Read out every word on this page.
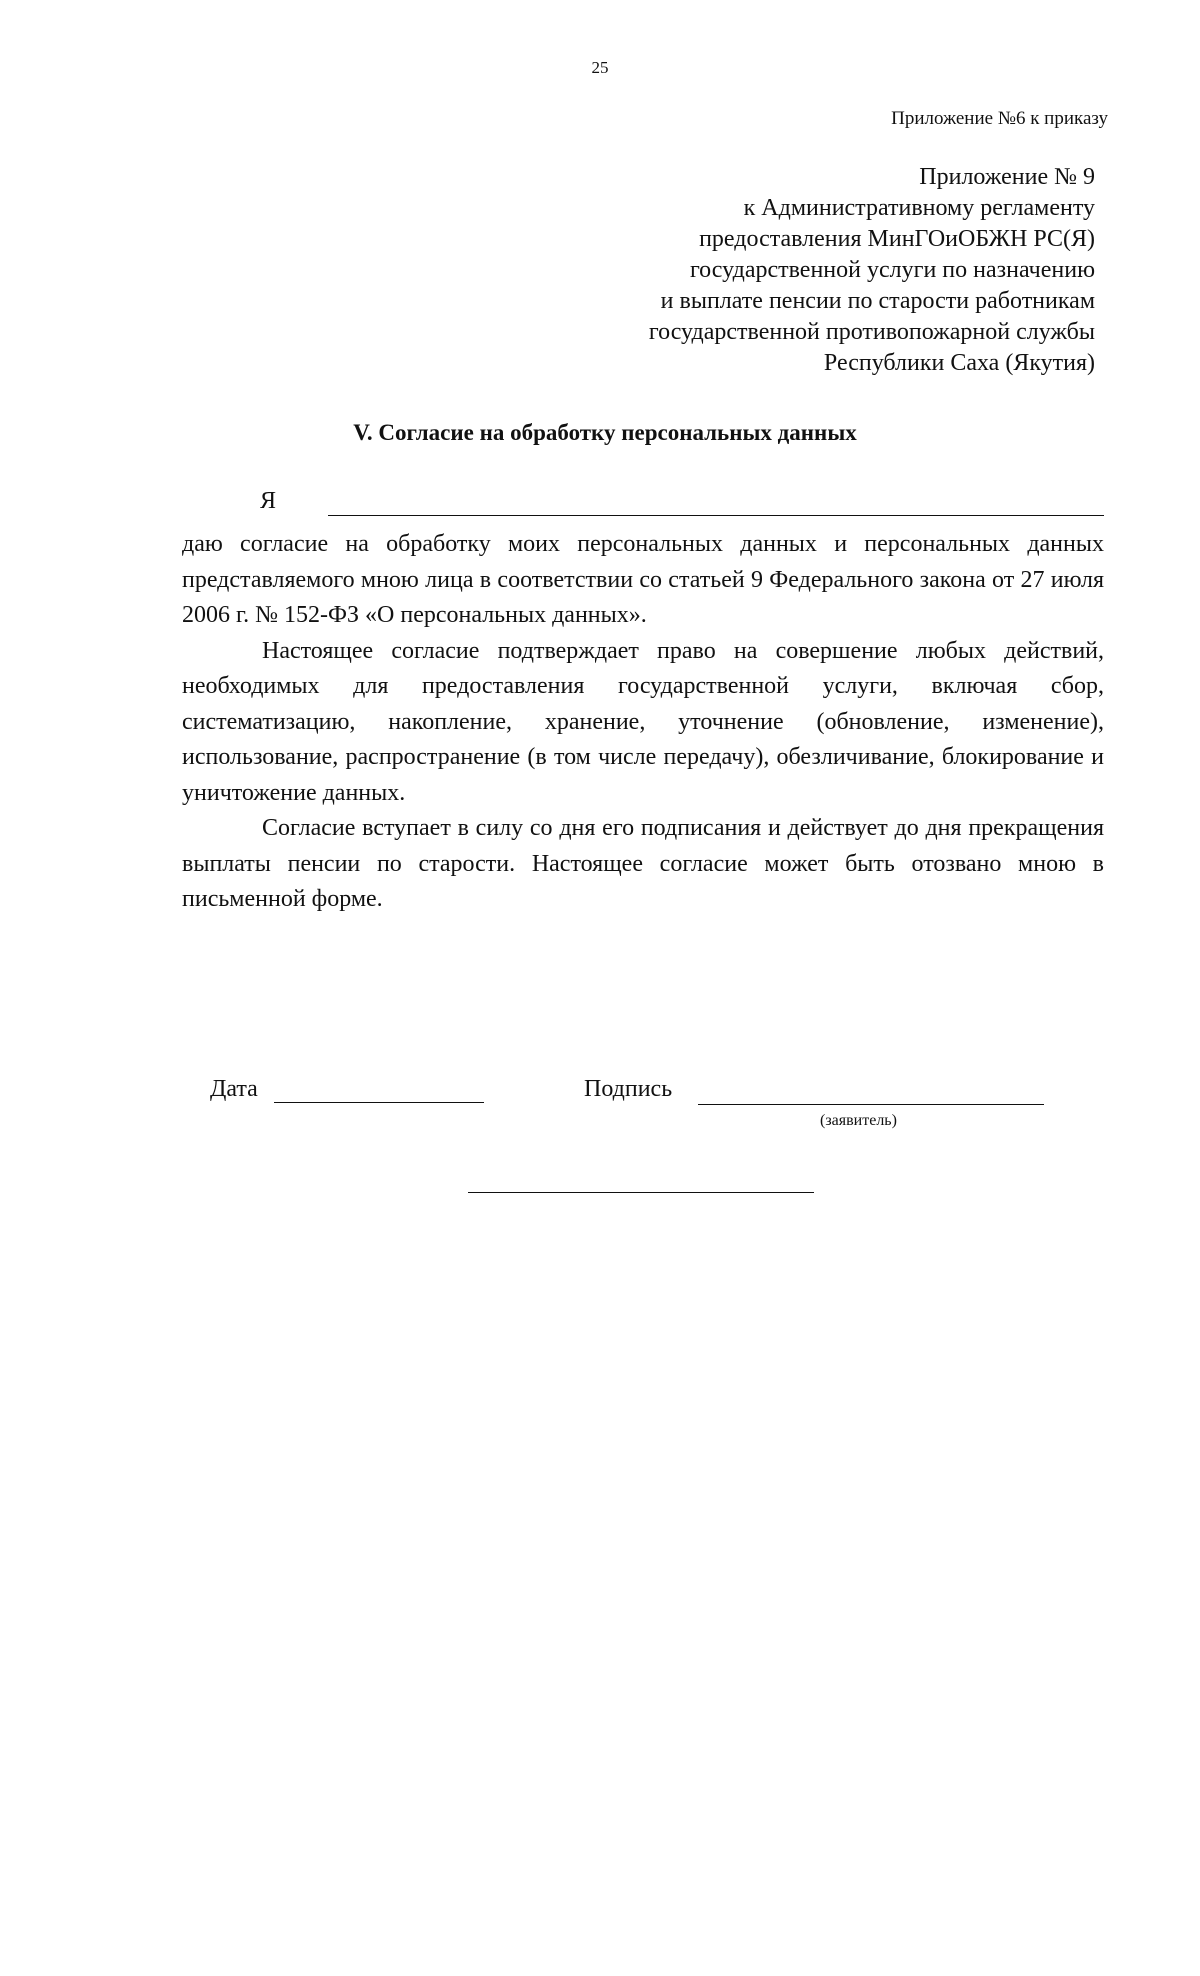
25
Приложение №6 к приказу
Приложение № 9
к Административному регламенту
предоставления МинГОиОБЖН РС(Я)
государственной услуги по назначению
и выплате пенсии по старости работникам
государственной противопожарной службы
Республики Саха (Якутия)
V. Согласие на обработку персональных данных
Я

даю согласие на обработку моих персональных данных и персональных данных представляемого мною лица в соответствии со статьей 9 Федерального закона от 27 июля 2006 г. № 152-ФЗ «О персональных данных».

Настоящее согласие подтверждает право на совершение любых действий, необходимых для предоставления государственной услуги, включая сбор, систематизацию, накопление, хранение, уточнение (обновление, изменение), использование, распространение (в том числе передачу), обезличивание, блокирование и уничтожение данных.

Согласие вступает в силу со дня его подписания и действует до дня прекращения выплаты пенсии по старости. Настоящее согласие может быть отозвано мною в письменной форме.

Дата	Подпись
(заявитель)
